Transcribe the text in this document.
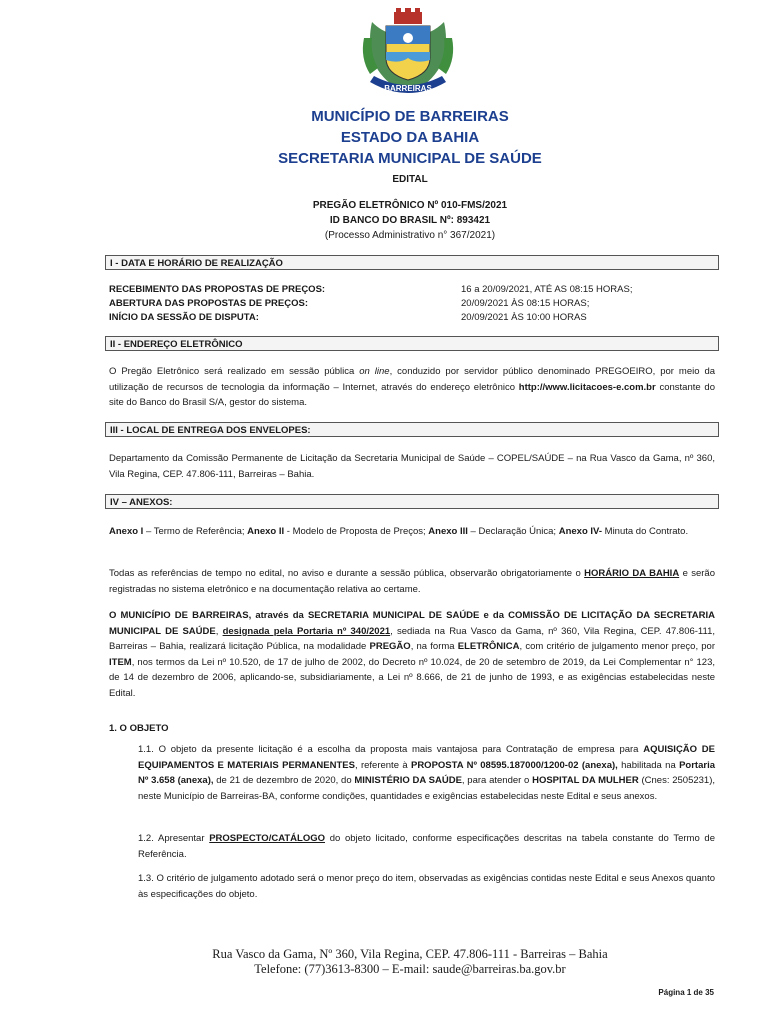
BARREIRAS
MUNICÍPIO DE BARREIRAS
ESTADO DA BAHIA
SECRETARIA MUNICIPAL DE SAÚDE
EDITAL
PREGÃO ELETRÔNICO Nº 010-FMS/2021
ID BANCO DO BRASIL Nº: 893421
(Processo Administrativo n° 367/2021)
I - DATA E HORÁRIO DE REALIZAÇÃO
RECEBIMENTO DAS PROPOSTAS DE PREÇOS:	16 a 20/09/2021, ATÉ AS 08:15 HORAS;
ABERTURA DAS PROPOSTAS DE PREÇOS:	20/09/2021 ÀS 08:15 HORAS;
INÍCIO DA SESSÃO DE DISPUTA:	20/09/2021 ÀS 10:00 HORAS
II - ENDEREÇO ELETRÔNICO
O Pregão Eletrônico será realizado em sessão pública on line, conduzido por servidor público denominado PREGOEIRO, por meio da utilização de recursos de tecnologia da informação – Internet, através do endereço eletrônico http://www.licitacoes-e.com.br constante do site do Banco do Brasil S/A, gestor do sistema.
III - LOCAL DE ENTREGA DOS ENVELOPES:
Departamento da Comissão Permanente de Licitação da Secretaria Municipal de Saúde – COPEL/SAÚDE – na Rua Vasco da Gama, nº 360, Vila Regina, CEP. 47.806-111, Barreiras – Bahia.
IV – ANEXOS:
Anexo I – Termo de Referência; Anexo II - Modelo de Proposta de Preços; Anexo III – Declaração Única; Anexo IV- Minuta do Contrato.
Todas as referências de tempo no edital, no aviso e durante a sessão pública, observarão obrigatoriamente o HORÁRIO DA BAHIA e serão registradas no sistema eletrônico e na documentação relativa ao certame.
O MUNICÍPIO DE BARREIRAS, através da SECRETARIA MUNICIPAL DE SAÚDE e da COMISSÃO DE LICITAÇÃO DA SECRETARIA MUNICIPAL DE SAÚDE, designada pela Portaria nº 340/2021, sediada na Rua Vasco da Gama, nº 360, Vila Regina, CEP. 47.806-111, Barreiras – Bahia, realizará licitação Pública, na modalidade PREGÃO, na forma ELETRÔNICA, com critério de julgamento menor preço, por ITEM, nos termos da Lei nº 10.520, de 17 de julho de 2002, do Decreto nº 10.024, de 20 de setembro de 2019, da Lei Complementar n° 123, de 14 de dezembro de 2006, aplicando-se, subsidiariamente, a Lei nº 8.666, de 21 de junho de 1993, e as exigências estabelecidas neste Edital.
1. O OBJETO
1.1. O objeto da presente licitação é a escolha da proposta mais vantajosa para Contratação de empresa para AQUISIÇÃO DE EQUIPAMENTOS E MATERIAIS PERMANENTES, referente à PROPOSTA Nº 08595.187000/1200-02 (anexa), habilitada na Portaria Nº 3.658 (anexa), de 21 de dezembro de 2020, do MINISTÉRIO DA SAÚDE, para atender o HOSPITAL DA MULHER (Cnes: 2505231), neste Município de Barreiras-BA, conforme condições, quantidades e exigências estabelecidas neste Edital e seus anexos.
1.2. Apresentar PROSPECTO/CATÁLOGO do objeto licitado, conforme especificações descritas na tabela constante do Termo de Referência.
1.3. O critério de julgamento adotado será o menor preço do item, observadas as exigências contidas neste Edital e seus Anexos quanto às especificações do objeto.
Rua Vasco da Gama, Nº 360, Vila Regina, CEP. 47.806-111 - Barreiras – Bahia
Telefone: (77)3613-8300 – E-mail: saude@barreiras.ba.gov.br
Página 1 de 35
